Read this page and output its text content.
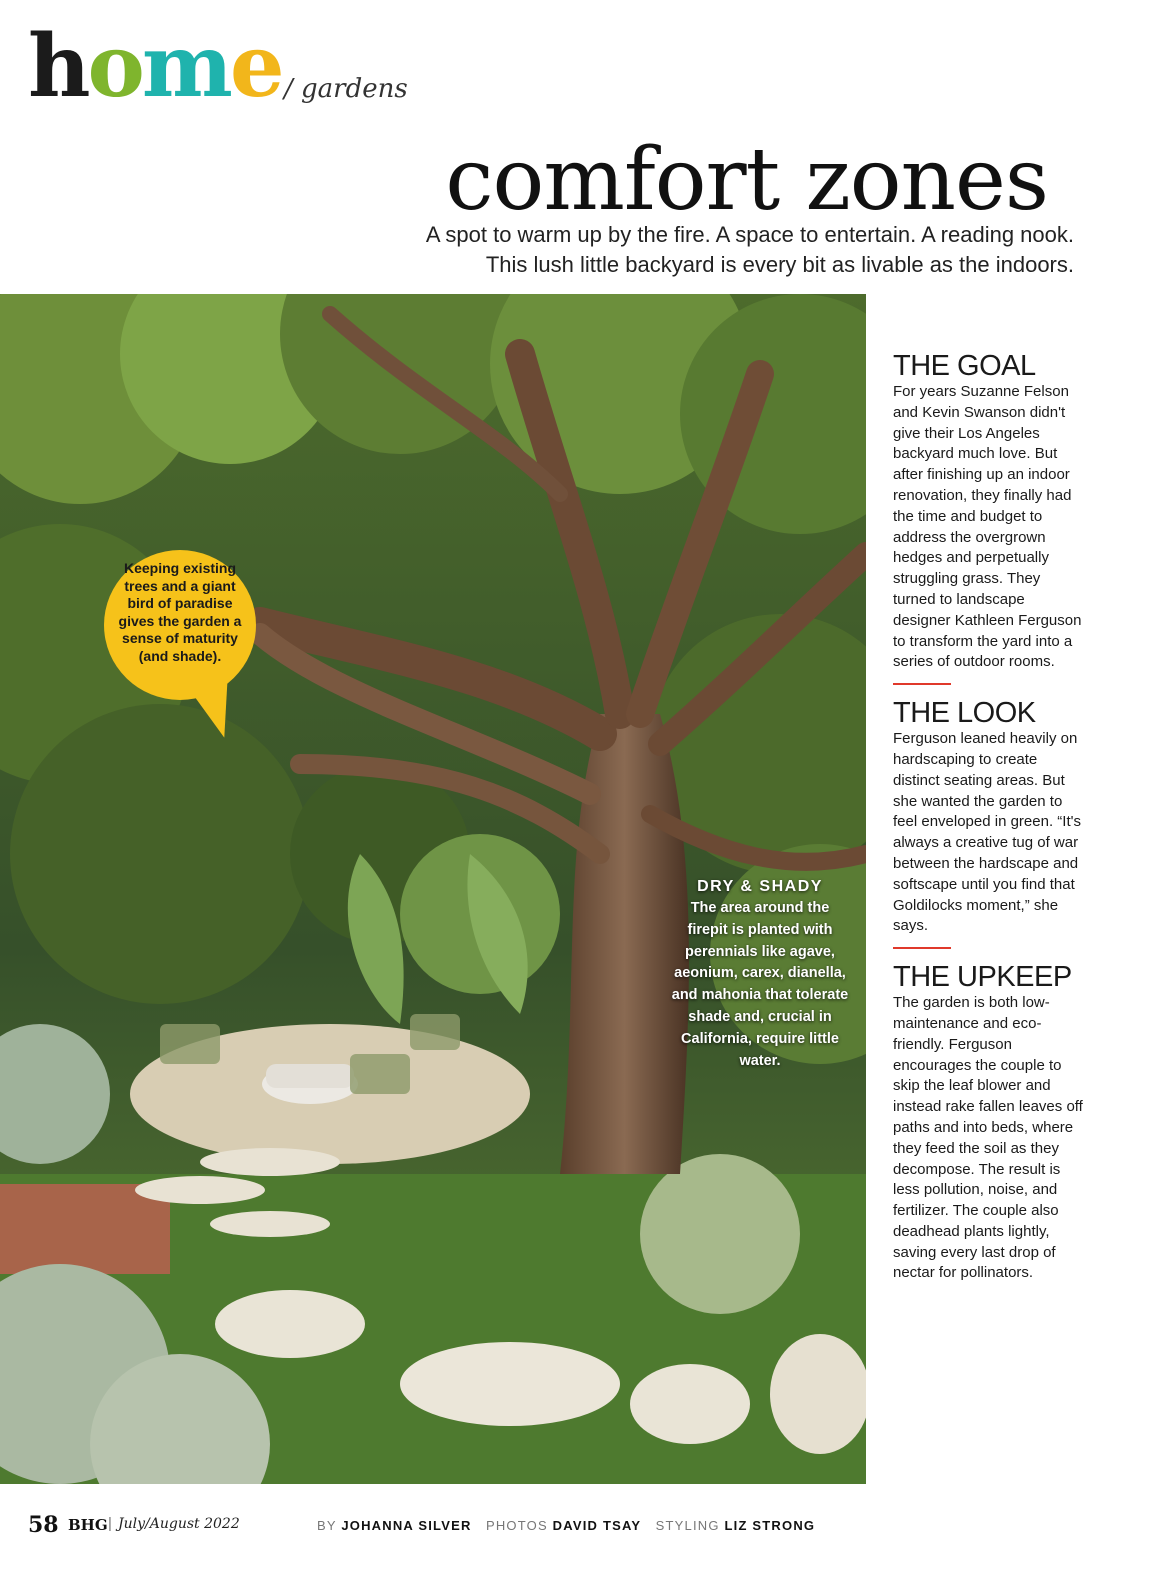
home / gardens
comfort zones
A spot to warm up by the fire. A space to entertain. A reading nook.
This lush little backyard is every bit as livable as the indoors.
Keeping existing trees and a giant bird of paradise gives the garden a sense of maturity (and shade).
DRY & SHADY
The area around the firepit is planted with perennials like agave, aeonium, carex, dianella, and mahonia that tolerate shade and, crucial in California, require little water.
THE GOAL
For years Suzanne Felson and Kevin Swanson didn't give their Los Angeles backyard much love. But after finishing up an indoor renovation, they finally had the time and budget to address the overgrown hedges and perpetually struggling grass. They turned to landscape designer Kathleen Ferguson to transform the yard into a series of outdoor rooms.
THE LOOK
Ferguson leaned heavily on hardscaping to create distinct seating areas. But she wanted the garden to feel enveloped in green. “It's always a creative tug of war between the hardscape and softscape until you find that Goldilocks moment,” she says.
THE UPKEEP
The garden is both low-maintenance and eco-friendly. Ferguson encourages the couple to skip the leaf blower and instead rake fallen leaves off paths and into beds, where they feed the soil as they decompose. The result is less pollution, noise, and fertilizer. The couple also deadhead plants lightly, saving every last drop of nectar for pollinators.
58 BHG | July/August 2022	BY JOHANNA SILVER PHOTOS DAVID TSAY STYLING LIZ STRONG
